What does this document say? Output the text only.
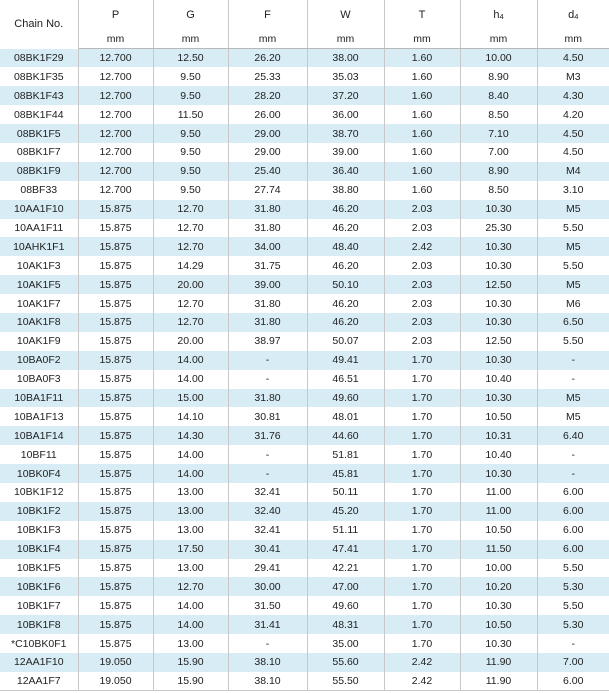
Chain No.	P	G	F	W	T	h4	d4
	mm	mm	mm	mm	mm	mm	mm
08BK1F29	12.700	12.50	26.20	38.00	1.60	10.00	4.50
08BK1F35	12.700	9.50	25.33	35.03	1.60	8.90	M3
08BK1F43	12.700	9.50	28.20	37.20	1.60	8.40	4.30
08BK1F44	12.700	11.50	26.00	36.00	1.60	8.50	4.20
08BK1F5	12.700	9.50	29.00	38.70	1.60	7.10	4.50
08BK1F7	12.700	9.50	29.00	39.00	1.60	7.00	4.50
08BK1F9	12.700	9.50	25.40	36.40	1.60	8.90	M4
08BF33	12.700	9.50	27.74	38.80	1.60	8.50	3.10
10AA1F10	15.875	12.70	31.80	46.20	2.03	10.30	M5
10AA1F11	15.875	12.70	31.80	46.20	2.03	25.30	5.50
10AHK1F1	15.875	12.70	34.00	48.40	2.42	10.30	M5
10AK1F3	15.875	14.29	31.75	46.20	2.03	10.30	5.50
10AK1F5	15.875	20.00	39.00	50.10	2.03	12.50	M5
10AK1F7	15.875	12.70	31.80	46.20	2.03	10.30	M6
10AK1F8	15.875	12.70	31.80	46.20	2.03	10.30	6.50
10AK1F9	15.875	20.00	38.97	50.07	2.03	12.50	5.50
10BA0F2	15.875	14.00	-	49.41	1.70	10.30	-
10BA0F3	15.875	14.00	-	46.51	1.70	10.40	-
10BA1F11	15.875	15.00	31.80	49.60	1.70	10.30	M5
10BA1F13	15.875	14.10	30.81	48.01	1.70	10.50	M5
10BA1F14	15.875	14.30	31.76	44.60	1.70	10.31	6.40
10BF11	15.875	14.00	-	51.81	1.70	10.40	-
10BK0F4	15.875	14.00	-	45.81	1.70	10.30	-
10BK1F12	15.875	13.00	32.41	50.11	1.70	11.00	6.00
10BK1F2	15.875	13.00	32.40	45.20	1.70	11.00	6.00
10BK1F3	15.875	13.00	32.41	51.11	1.70	10.50	6.00
10BK1F4	15.875	17.50	30.41	47.41	1.70	11.50	6.00
10BK1F5	15.875	13.00	29.41	42.21	1.70	10.00	5.50
10BK1F6	15.875	12.70	30.00	47.00	1.70	10.20	5.30
10BK1F7	15.875	14.00	31.50	49.60	1.70	10.30	5.50
10BK1F8	15.875	14.00	31.41	48.31	1.70	10.50	5.30
*C10BK0F1	15.875	13.00	-	35.00	1.70	10.30	-
12AA1F10	19.050	15.90	38.10	55.60	2.42	11.90	7.00
12AA1F7	19.050	15.90	38.10	55.50	2.42	11.90	6.00
